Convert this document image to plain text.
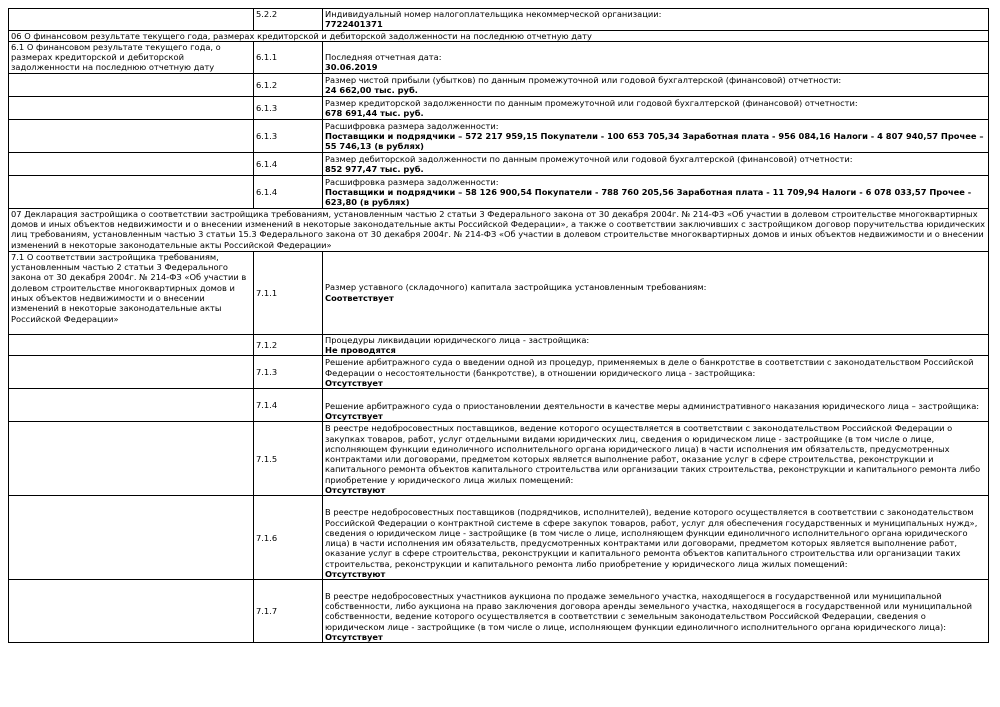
	5.2.2	Индивидуальный номер налогоплательщика некоммерческой организации:
7722401371

06 О финансовом результате текущего года, размерах кредиторской и дебиторской задолженности на последнюю отчетную дату		
6.1 О финансовом результате текущего года, о размерах кредиторской и дебиторской задолженности на последнюю отчетную дату	6.1.1	Последняя отчетная дата:
30.06.2019

	6.1.2	Размер чистой прибыли (убытков) по данным промежуточной или годовой бухгалтерской (финансовой) отчетности:
24 662,00 тыс. руб.

	6.1.3	Размер кредиторской задолженности по данным промежуточной или годовой бухгалтерской (финансовой) отчетности:
678 691,44 тыс. руб.

	6.1.3	Расшифровка размера задолженности:
Поставщики и подрядчики – 572 217 959,15 Покупатели - 100 653 705,34 Заработная плата - 956 084,16 Налоги - 4 807 940,57 Прочее – 55 746,13 (в рублях)

	6.1.4	Размер дебиторской задолженности по данным промежуточной или годовой бухгалтерской (финансовой) отчетности:
852 977,47 тыс. руб.

	6.1.4	Расшифровка размера задолженности:
Поставщики и подрядчики – 58 126 900,54 Покупатели - 788 760 205,56 Заработная плата - 11 709,94 Налоги - 6 078 033,57 Прочее - 623,80 (в рублях)

07 Декларация застройщика о соответствии застройщика требованиям, установленным частью 2 статьи 3 Федерального закона от 30 декабря 2004г. № 214-ФЗ «Об участии в долевом строительстве многоквартирных домов и иных объектов недвижимости и о внесении изменений в некоторые законодательные акты Российской Федерации», а также о соответствии заключивших с застройщиком договор поручительства юридических лиц требованиям, установленным частью 3 статьи 15.3 Федерального закона от 30 декабря 2004г. № 214-ФЗ «Об участии в долевом строительстве многоквартирных домов и иных объектов недвижимости и о внесении изменений в некоторые законодательные акты Российской Федерации»		
7.1 О соответствии застройщика требованиям, установленным частью 2 статьи 3 Федерального закона от 30 декабря 2004г. № 214-ФЗ «Об участии в долевом строительстве многоквартирных домов и иных объектов недвижимости и о внесении изменений в некоторые законодательные акты Российской Федерации»	7.1.1	Размер уставного (складочного) капитала застройщика установленным требованиям:
Соответствует

	7.1.2	Процедуры ликвидации юридического лица - застройщика:
Не проводятся

	7.1.3	Решение арбитражного суда о введении одной из процедур, применяемых в деле о банкротстве в соответствии с законодательством Российской Федерации о несостоятельности (банкротстве), в отношении юридического лица - застройщика:
Отсутствует

	7.1.4	Решение арбитражного суда о приостановлении деятельности в качестве меры административного наказания юридического лица – застройщика:
Отсутствует

	7.1.5	В реестре недобросовестных поставщиков, ведение которого осуществляется в соответствии с законодательством Российской Федерации о закупках товаров, работ, услуг отдельными видами юридических лиц, сведения о юридическом лице - застройщике (в том числе о лице, исполняющем функции единоличного исполнительного органа юридического лица) в части исполнения им обязательств, предусмотренных контрактами или договорами, предметом которых является выполнение работ, оказание услуг в сфере строительства, реконструкции и капитального ремонта объектов капитального строительства или организации таких строительства, реконструкции и капитального ремонта либо приобретение у юридического лица жилых помещений:
Отсутствуют

	7.1.6	В реестре недобросовестных поставщиков (подрядчиков, исполнителей), ведение которого осуществляется в соответствии с законодательством Российской Федерации о контрактной системе в сфере закупок товаров, работ, услуг для обеспечения государственных и муниципальных нужд», сведения о юридическом лице - застройщике (в том числе о лице, исполняющем функции единоличного исполнительного органа юридического лица) в части исполнения им обязательств, предусмотренных контрактами или договорами, предметом которых является выполнение работ, оказание услуг в сфере строительства, реконструкции и капитального ремонта объектов капитального строительства или организации таких строительства, реконструкции и капитального ремонта либо приобретение у юридического лица жилых помещений:
Отсутствуют

	7.1.7	В реестре недобросовестных участников аукциона по продаже земельного участка, находящегося в государственной или муниципальной собственности, либо аукциона на право заключения договора аренды земельного участка, находящегося в государственной или муниципальной собственности, ведение которого осуществляется в соответствии с земельным законодательством Российской Федерации, сведения о юридическом лице - застройщике (в том числе о лице, исполняющем функции единоличного исполнительного органа юридического лица):
Отсутствует
